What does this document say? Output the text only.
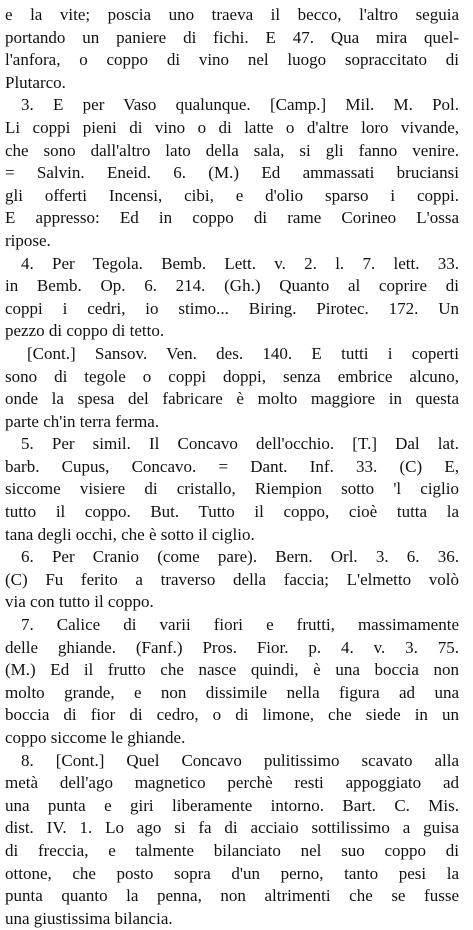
e la vite; poscia uno traeva il becco, l'altro seguia
portando un paniere di fichi. E 47. Qua mira quel-
l'anfora, o coppo di vino nel luogo sopraccitato di
Plutarco.
3. E per Vaso qualunque. [Camp.] Mil. M. Pol.
Li coppi pieni di vino o di latte o d'altre loro vivande,
che sono dall'altro lato della sala, si gli fanno venire.
= Salvin. Eneid. 6. (M.) Ed ammassati bruciansi
gli offerti Incensi, cibi, e d'olio sparso i coppi.
E appresso: Ed in coppo di rame Corineo L'ossa
ripose.
4. Per Tegola. Bemb. Lett. v. 2. l. 7. lett. 33.
in Bemb. Op. 6. 214. (Gh.) Quanto al coprire di
coppi i cedri, io stimo... Biring. Pirotec. 172. Un
pezzo di coppo di tetto.
[Cont.] Sansov. Ven. des. 140. E tutti i coperti
sono di tegole o coppi doppi, senza embrice alcuno,
onde la spesa del fabricare è molto maggiore in questa
parte ch'in terra ferma.
5. Per simil. Il Concavo dell'occhio. [T.] Dal lat.
barb. Cupus, Concavo. = Dant. Inf. 33. (C) E,
siccome visiere di cristallo, Riempion sotto 'l ciglio
tutto il coppo. But. Tutto il coppo, cioè tutta la
tana degli occhi, che è sotto il ciglio.
6. Per Cranio (come pare). Bern. Orl. 3. 6. 36.
(C) Fu ferito a traverso della faccia; L'elmetto volò
via con tutto il coppo.
7. Calice di varii fiori e frutti, massimamente
delle ghiande. (Fanf.) Pros. Fior. p. 4. v. 3. 75.
(M.) Ed il frutto che nasce quindi, è una boccia non
molto grande, e non dissimile nella figura ad una
boccia di fior di cedro, o di limone, che siede in un
coppo siccome le ghiande.
8. [Cont.] Quel Concavo pulitissimo scavato alla
metà dell'ago magnetico perchè resti appoggiato ad
una punta e giri liberamente intorno. Bart. C. Mis.
dist. IV. 1. Lo ago si fa di acciaio sottilissimo a guisa
di freccia, e talmente bilanciato nel suo coppo di
ottone, che posto sopra d'un perno, tanto pesi la
punta quanto la penna, non altrimenti che se fusse
una giustissima bilancia.
